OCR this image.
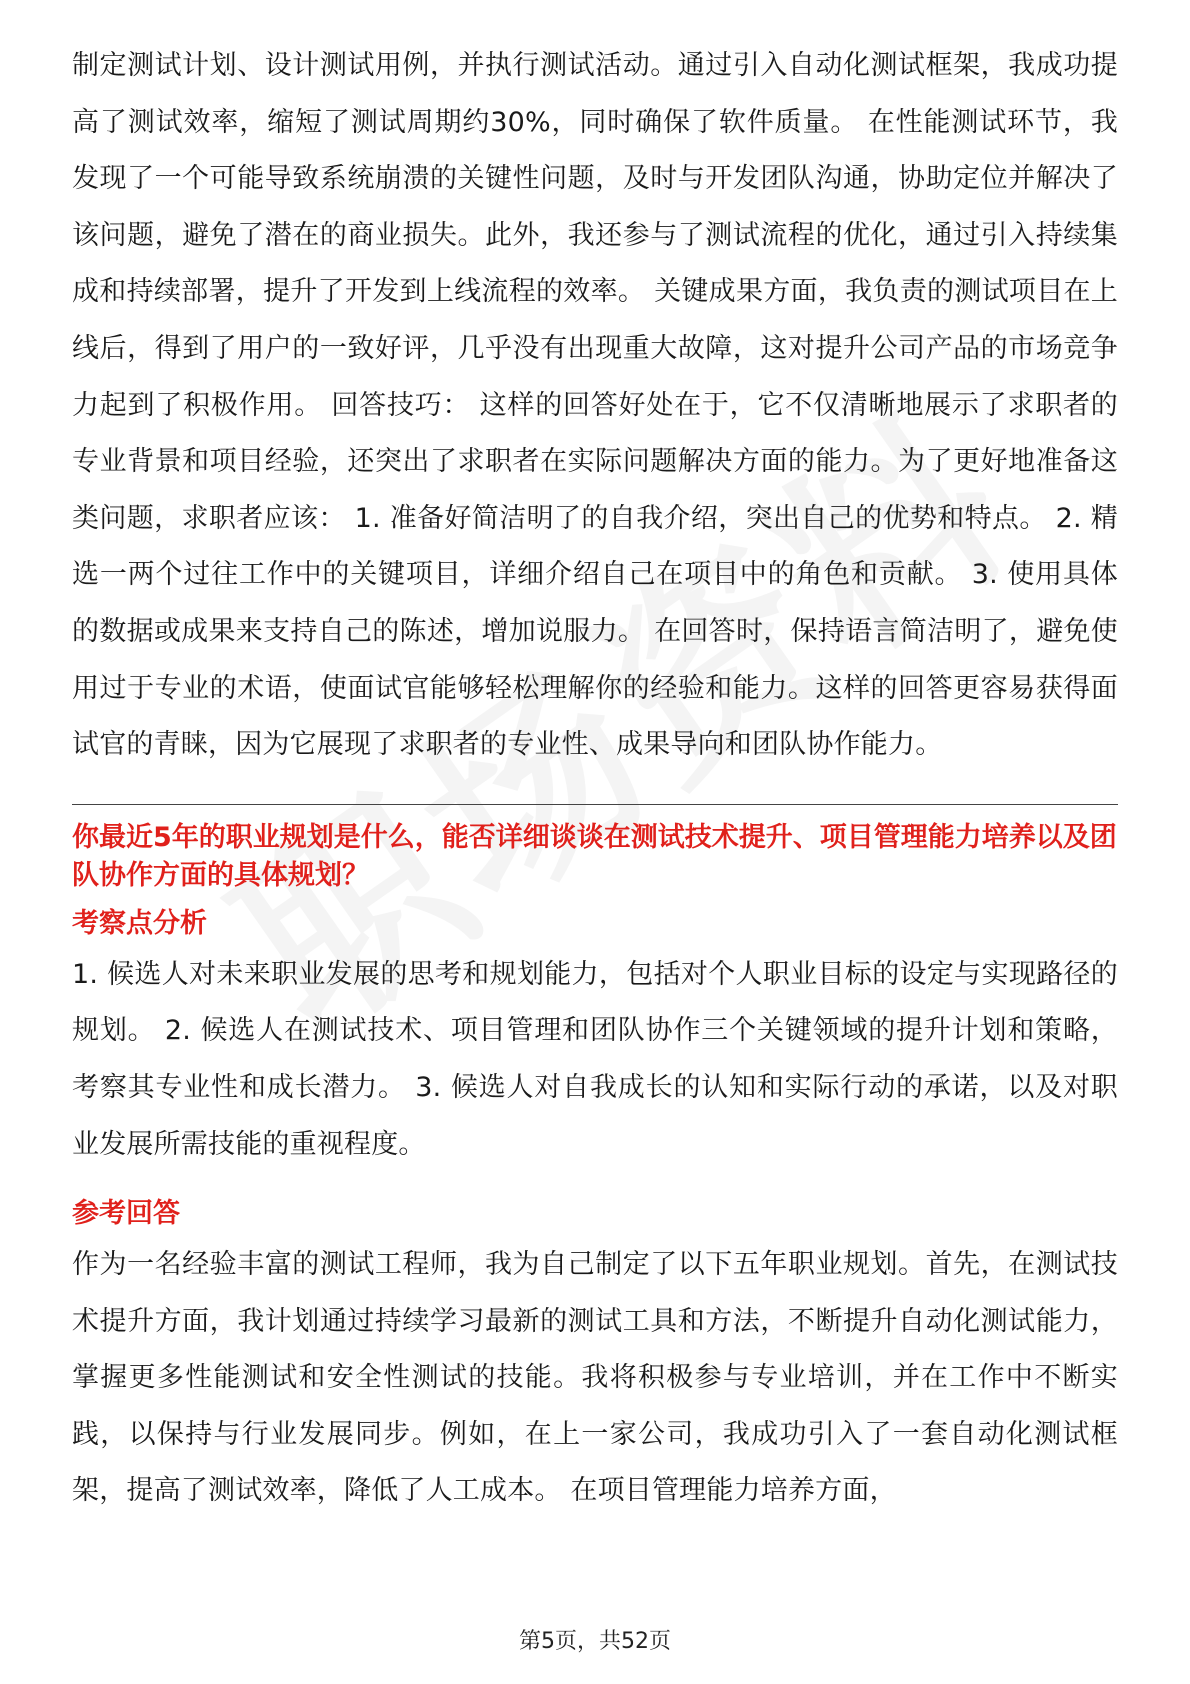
制定测试计划、设计测试用例，并执行测试活动。通过引入自动化测试框架，我成功提高了测试效率，缩短了测试周期约30%，同时确保了软件质量。 在性能测试环节，我发现了一个可能导致系统崩溃的关键性问题，及时与开发团队沟通，协助定位并解决了该问题，避免了潜在的商业损失。此外，我还参与了测试流程的优化，通过引入持续集成和持续部署，提升了开发到上线流程的效率。 关键成果方面，我负责的测试项目在上线后，得到了用户的一致好评，几乎没有出现重大故障，这对提升公司产品的市场竞争力起到了积极作用。 回答技巧： 这样的回答好处在于，它不仅清晰地展示了求职者的专业背景和项目经验，还突出了求职者在实际问题解决方面的能力。为了更好地准备这类问题，求职者应该： 1. 准备好简洁明了的自我介绍，突出自己的优势和特点。 2. 精选一两个过往工作中的关键项目，详细介绍自己在项目中的角色和贡献。 3. 使用具体的数据或成果来支持自己的陈述，增加说服力。 在回答时，保持语言简洁明了，避免使用过于专业的术语，使面试官能够轻松理解你的经验和能力。这样的回答更容易获得面试官的青睐，因为它展现了求职者的专业性、成果导向和团队协作能力。

你最近5年的职业规划是什么，能否详细谈谈在测试技术提升、项目管理能力培养以及团队协作方面的具体规划？

考察点分析

1. 候选人对未来职业发展的思考和规划能力，包括对个人职业目标的设定与实现路径的规划。 2. 候选人在测试技术、项目管理和团队协作三个关键领域的提升计划和策略，考察其专业性和成长潜力。 3. 候选人对自我成长的认知和实际行动的承诺，以及对职业发展所需技能的重视程度。

参考回答

作为一名经验丰富的测试工程师，我为自己制定了以下五年职业规划。首先，在测试技术提升方面，我计划通过持续学习最新的测试工具和方法，不断提升自动化测试能力，掌握更多性能测试和安全性测试的技能。我将积极参与专业培训，并在工作中不断实践，以保持与行业发展同步。例如，在上一家公司，我成功引入了一套自动化测试框架，提高了测试效率，降低了人工成本。 在项目管理能力培养方面，

第5页，共52页
